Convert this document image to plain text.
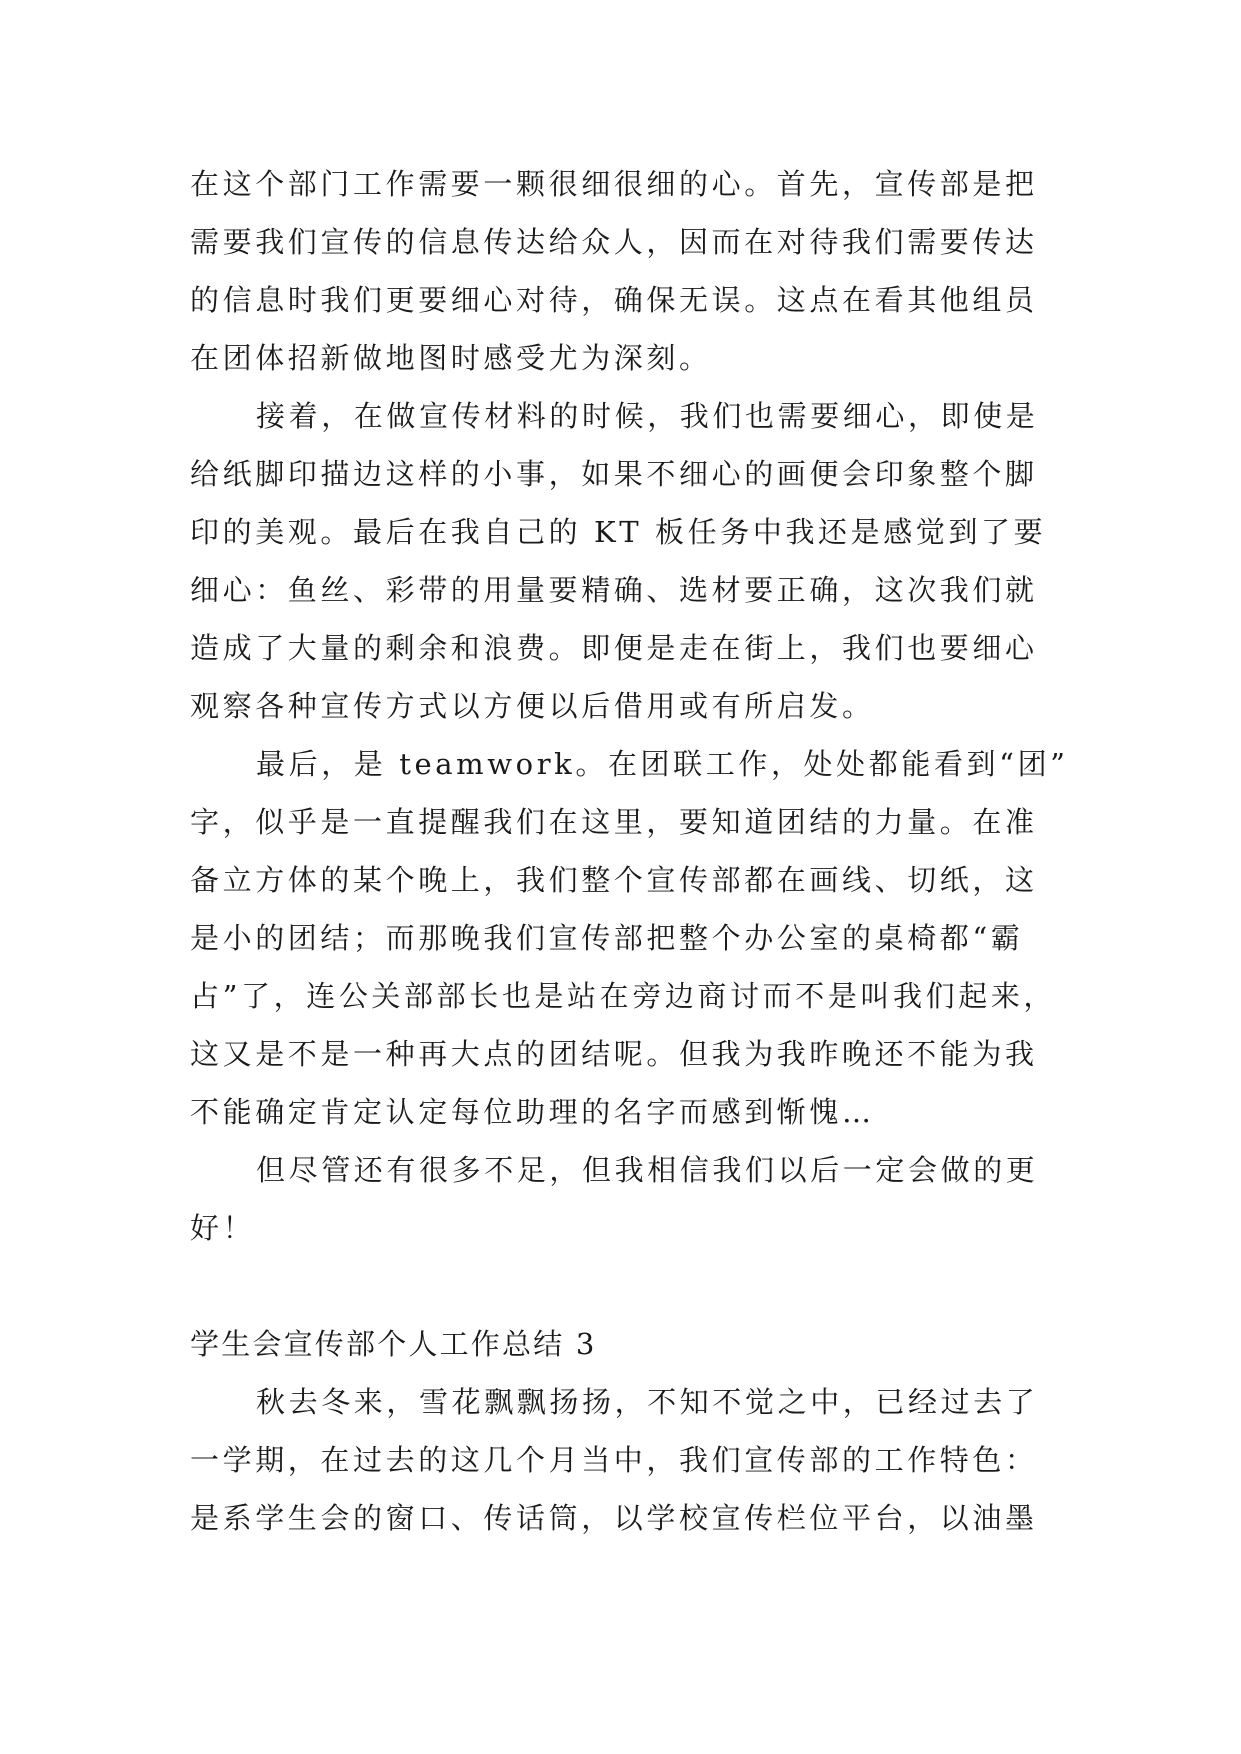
在这个部门工作需要一颗很细很细的心。首先，宣传部是把
需要我们宣传的信息传达给众人，因而在对待我们需要传达
的信息时我们更要细心对待，确保无误。这点在看其他组员
在团体招新做地图时感受尤为深刻。
接着，在做宣传材料的时候，我们也需要细心，即使是
给纸脚印描边这样的小事，如果不细心的画便会印象整个脚
印的美观。最后在我自己的 KT 板任务中我还是感觉到了要
细心：鱼丝、彩带的用量要精确、选材要正确，这次我们就
造成了大量的剩余和浪费。即便是走在街上，我们也要细心
观察各种宣传方式以方便以后借用或有所启发。
最后，是 teamwork。在团联工作，处处都能看到“团”
字，似乎是一直提醒我们在这里，要知道团结的力量。在准
备立方体的某个晚上，我们整个宣传部都在画线、切纸，这
是小的团结；而那晚我们宣传部把整个办公室的桌椅都“霸
占”了，连公关部部长也是站在旁边商讨而不是叫我们起来，
这又是不是一种再大点的团结呢。但我为我昨晚还不能为我
不能确定肯定认定每位助理的名字而感到惭愧…
但尽管还有很多不足，但我相信我们以后一定会做的更
好！
学生会宣传部个人工作总结 3
秋去冬来，雪花飘飘扬扬，不知不觉之中，已经过去了
一学期，在过去的这几个月当中，我们宣传部的工作特色：
是系学生会的窗口、传话筒，以学校宣传栏位平台，以油墨
